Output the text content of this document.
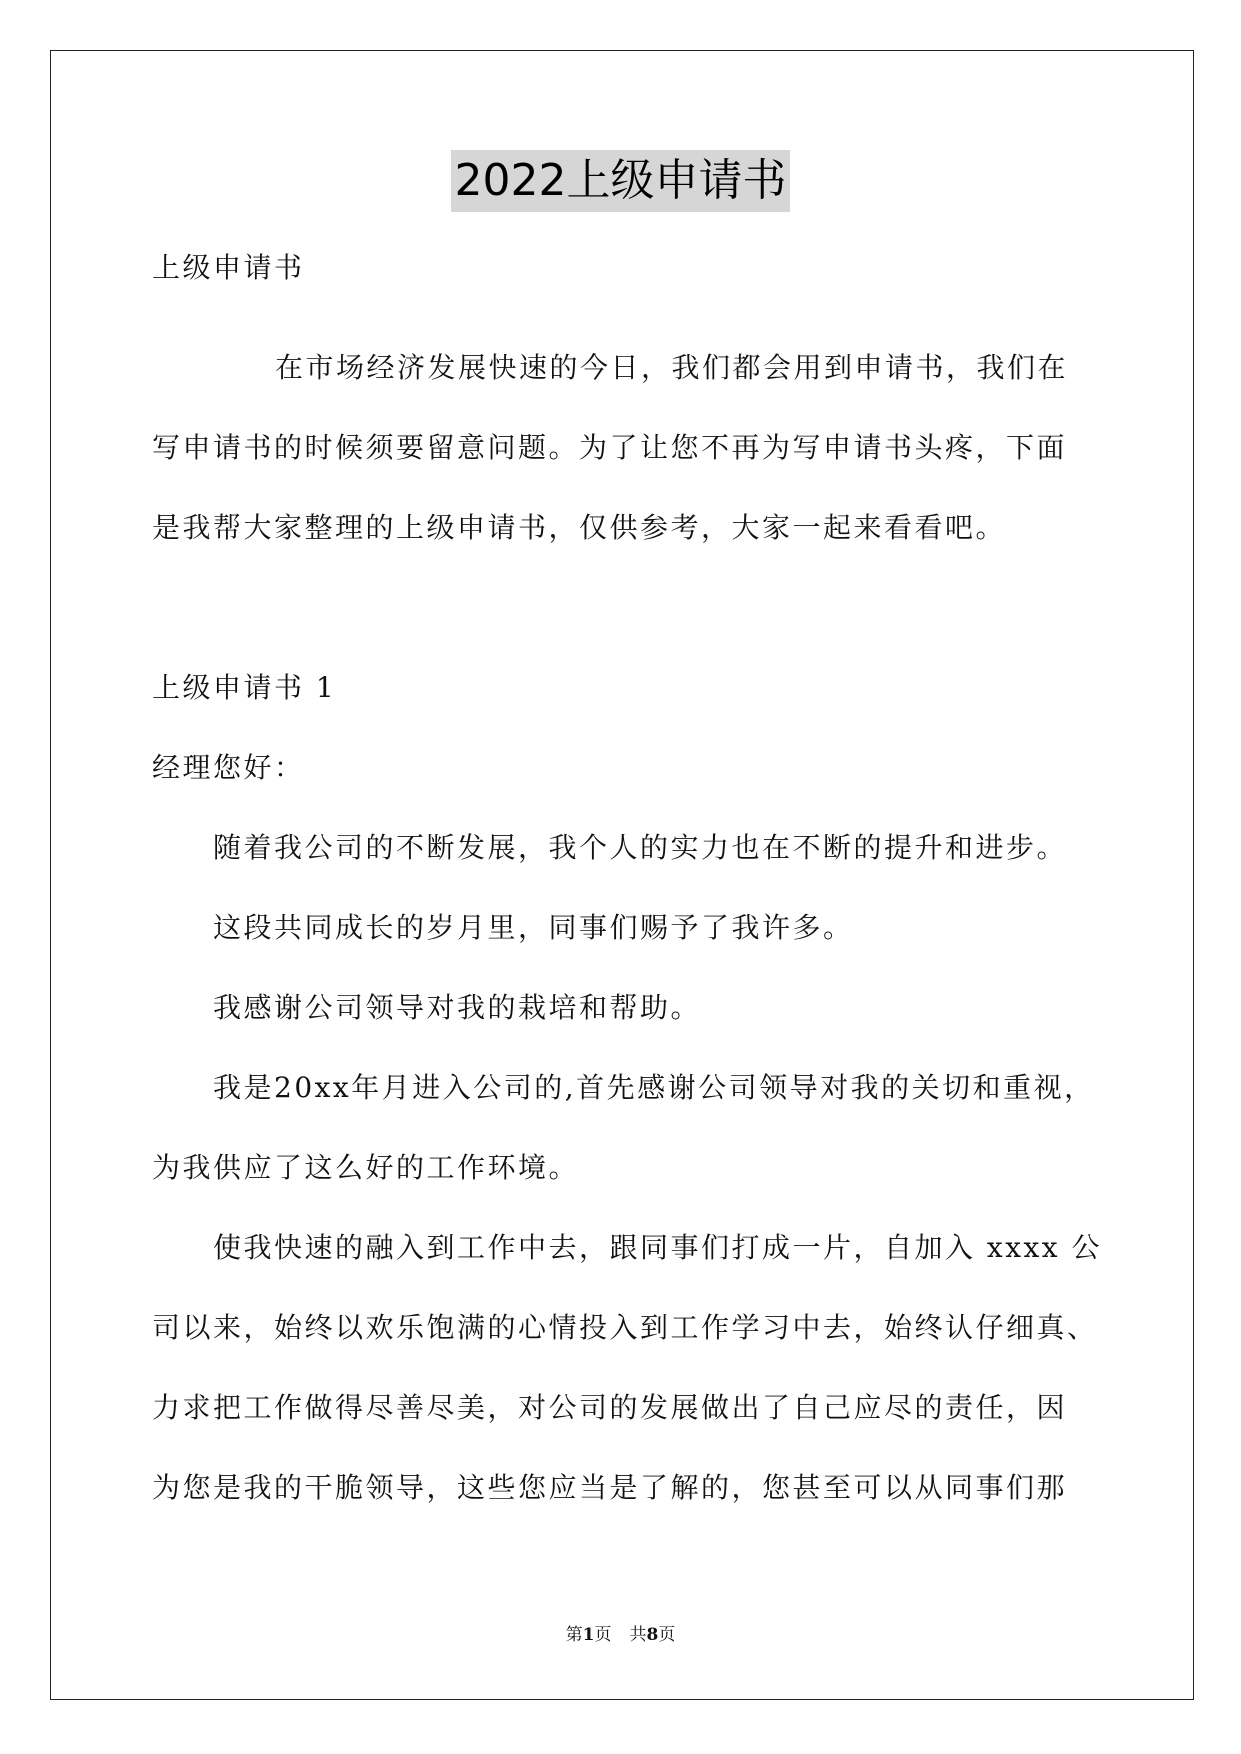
2022上级申请书
上级申请书
在市场经济发展快速的今日，我们都会用到申请书，我们在
写申请书的时候须要留意问题。为了让您不再为写申请书头疼，下面
是我帮大家整理的上级申请书，仅供参考，大家一起来看看吧。
上级申请书 1
经理您好：
随着我公司的不断发展，我个人的实力也在不断的提升和进步。
这段共同成长的岁月里，同事们赐予了我许多。
我感谢公司领导对我的栽培和帮助。
我是20xx年月进入公司的,首先感谢公司领导对我的关切和重视，
为我供应了这么好的工作环境。
使我快速的融入到工作中去，跟同事们打成一片，自加入 xxxx 公
司以来，始终以欢乐饱满的心情投入到工作学习中去，始终认仔细真、
力求把工作做得尽善尽美，对公司的发展做出了自己应尽的责任，因
为您是我的干脆领导，这些您应当是了解的，您甚至可以从同事们那
第1页 共8页
